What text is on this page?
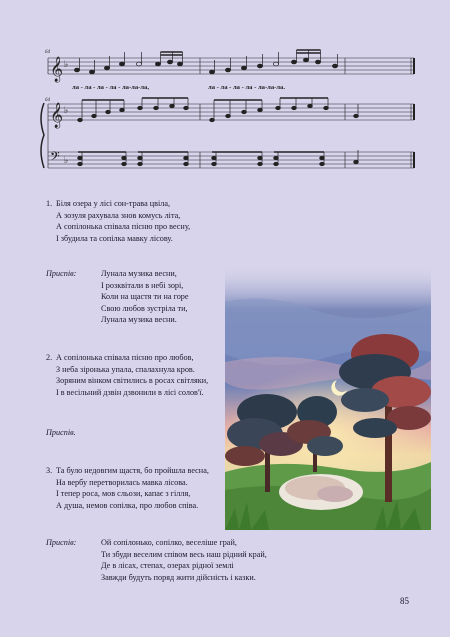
𝄞 ♭
64
ла - ла - ла - ла - ла-ла-ла,	ла - ла - ла - ла - ла-ла-ла.
𝄞 ♭
64
𝄢 ♭
1. Біля озера у лісі сон-трава цвіла,
А зозуля рахувала знов комусь літа,
А сопілонька співала пісню про весну,
І збудила та сопілка мавку лісову.
Приспів:	Лунала музика весни,
І розквітали в небі зорі,
Коли на щастя ти на горе
Свою любов зустріла ти,
Лунала музика весни.
2. А сопілонька співала пісню про любов,
З неба зіронька упала, спалахнула кров.
Зоряним вінком світились в росах світляки,
І в весільний дзвін дзвонили в лісі солов'ї.
Приспів.
3. Та було недовгим щастя, бо пройшла весна,
На вербу перетворилась мавка лісова.
І тепер роса, мов сльози, капає з гілля,
А душа, немов сопілка, про любов співа.
Приспів:	Ой сопілонько, сопілко, веселіше грай,
Ти збуди веселим співом весь наш рідний край,
Де в лісах, степах, озерах рідної землі
Завжди будуть поряд жити дійсність і казки.
85
